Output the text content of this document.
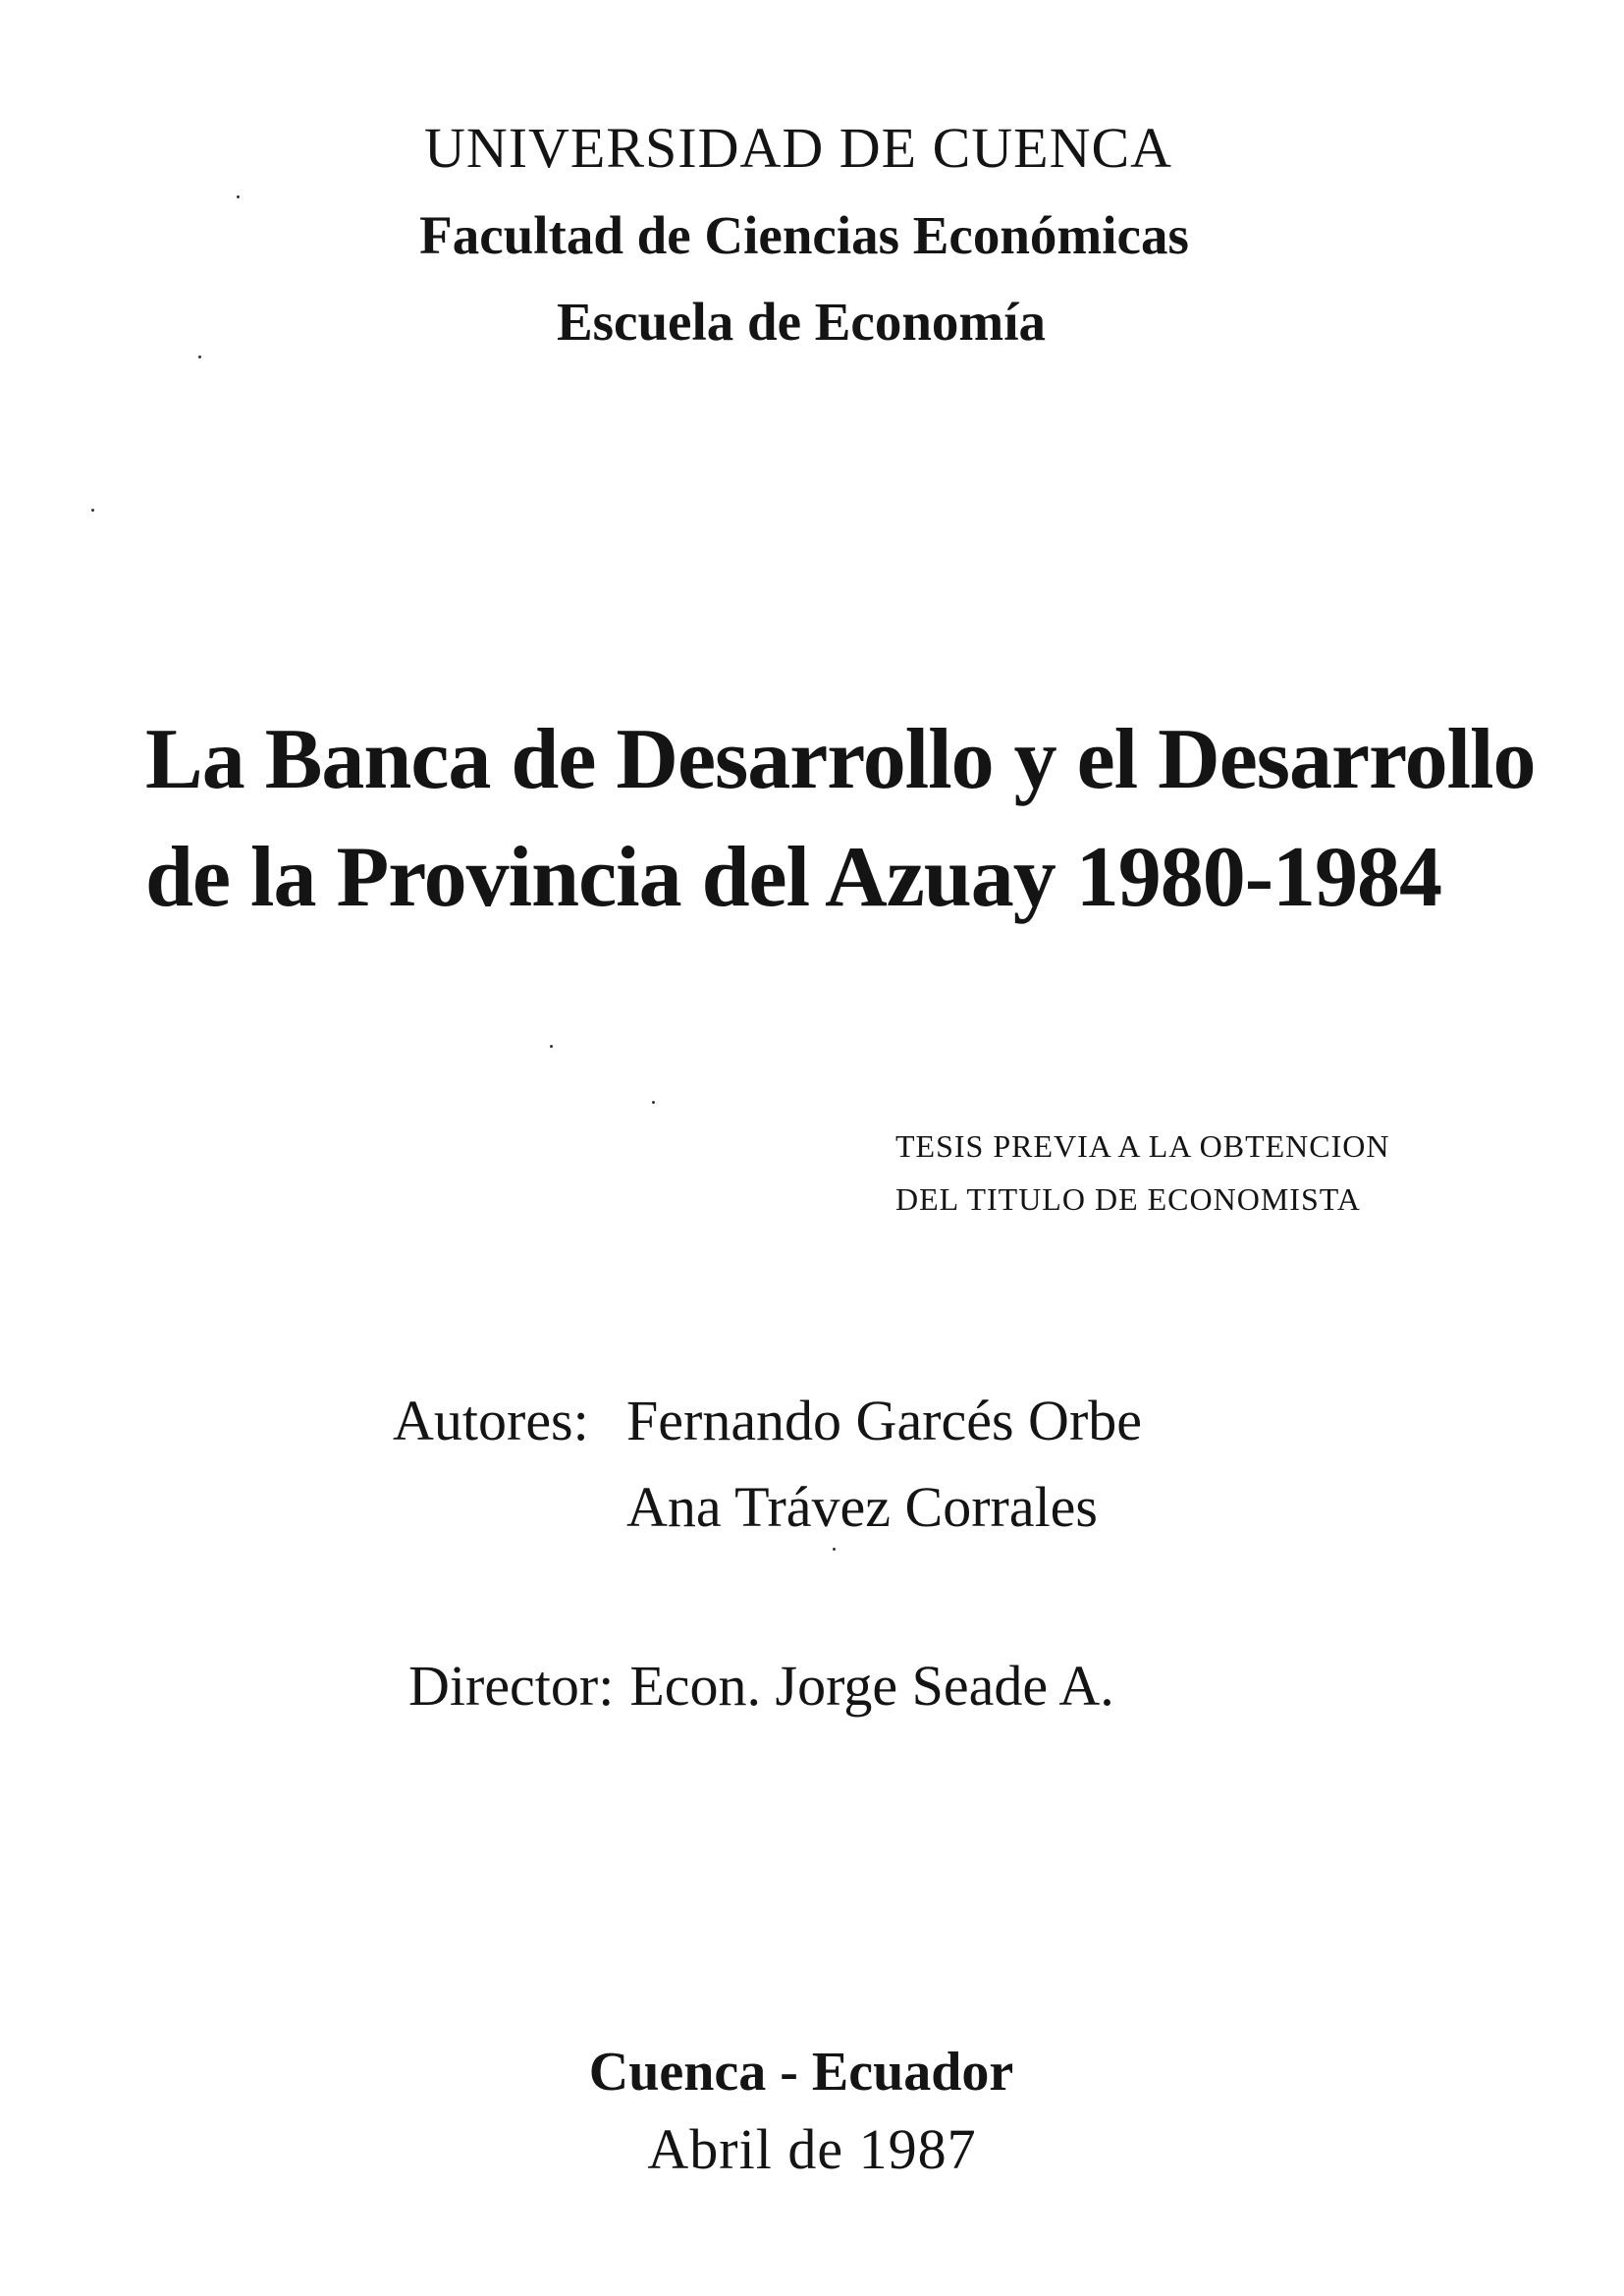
UNIVERSIDAD DE CUENCA
Facultad de Ciencias Económicas
Escuela de Economía
La Banca de Desarrollo y el Desarrollo
de la Provincia del Azuay 1980-1984
TESIS PREVIA A LA OBTENCION
DEL TITULO DE ECONOMISTA
Autores: Fernando Garcés Orbe
Ana Trávez Corrales
Director: Econ. Jorge Seade A.
Cuenca - Ecuador
Abril de 1987
